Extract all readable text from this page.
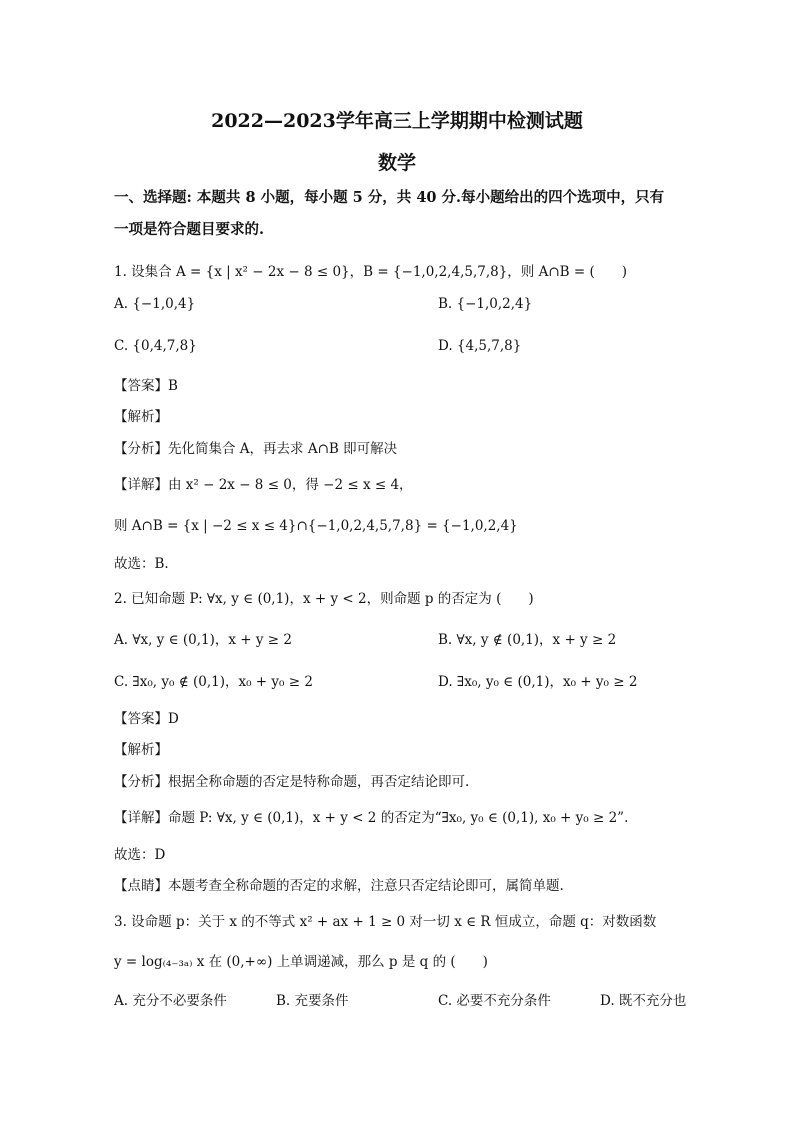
2022—2023学年高三上学期期中检测试题
数学
一、选择题: 本题共 8 小题，每小题 5 分，共 40 分.每小题给出的四个选项中，只有
一项是符合题目要求的.
1. 设集合 A = {x | x² − 2x − 8 ≤ 0}，B = {−1,0,2,4,5,7,8}，则 A∩B = (　　)
A. {−1,0,4}	B. {−1,0,2,4}
C. {0,4,7,8}	D. {4,5,7,8}
【答案】B
【解析】
【分析】先化简集合 A，再去求 A∩B 即可解决
【详解】由 x² − 2x − 8 ≤ 0，得 −2 ≤ x ≤ 4，
则 A∩B = {x | −2 ≤ x ≤ 4}∩{−1,0,2,4,5,7,8} = {−1,0,2,4}
故选：B.
2. 已知命题 P: ∀x, y ∈ (0,1)，x + y < 2，则命题 p 的否定为 (　　)
A. ∀x, y ∈ (0,1)，x + y ≥ 2	B. ∀x, y ∉ (0,1)，x + y ≥ 2
C. ∃x₀, y₀ ∉ (0,1)，x₀ + y₀ ≥ 2	D. ∃x₀, y₀ ∈ (0,1)，x₀ + y₀ ≥ 2
【答案】D
【解析】
【分析】根据全称命题的否定是特称命题，再否定结论即可.
【详解】命题 P: ∀x, y ∈ (0,1)，x + y < 2 的否定为“∃x₀, y₀ ∈ (0,1), x₀ + y₀ ≥ 2”.
故选：D
【点睛】本题考查全称命题的否定的求解，注意只否定结论即可，属简单题.
3. 设命题 p：关于 x 的不等式 x² + ax + 1 ≥ 0 对一切 x ∈ R 恒成立，命题 q：对数函数
y = log₍₄₋₃ₐ₎ x 在 (0,+∞) 上单调递减，那么 p 是 q 的 (　　)
A. 充分不必要条件	B. 充要条件	C. 必要不充分条件	D. 既不充分也
